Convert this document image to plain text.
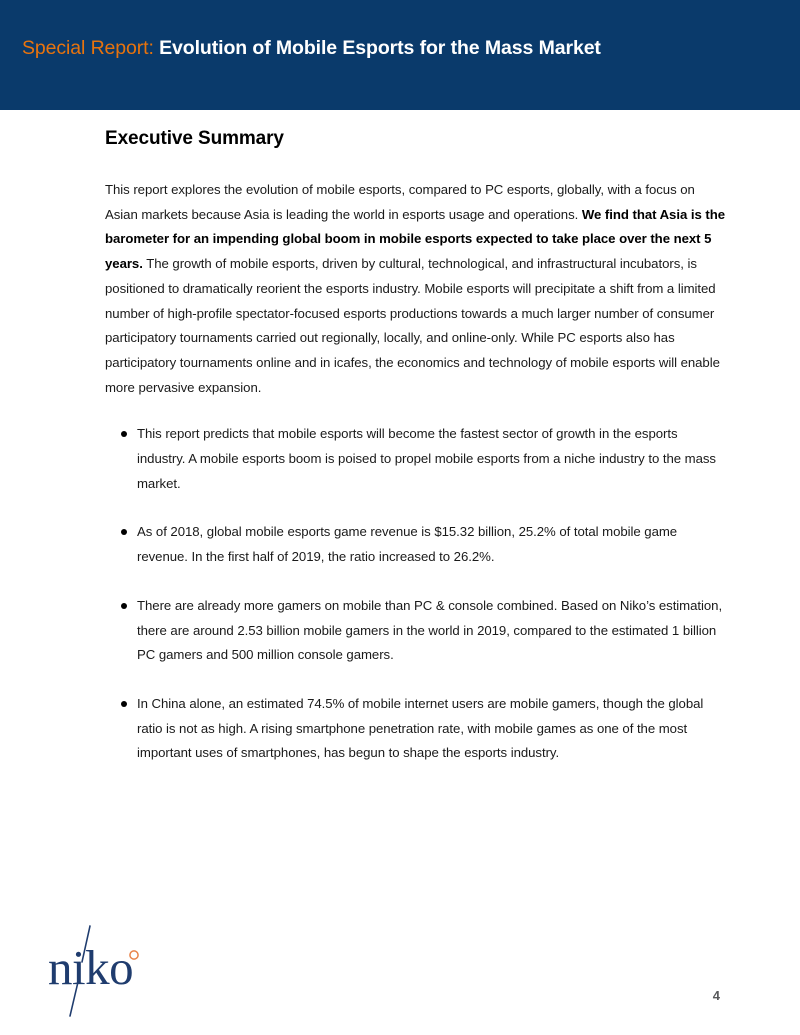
Special Report: Evolution of Mobile Esports for the Mass Market
Executive Summary

This report explores the evolution of mobile esports, compared to PC esports, globally, with a focus on Asian markets because Asia is leading the world in esports usage and operations. We find that Asia is the barometer for an impending global boom in mobile esports expected to take place over the next 5 years. The growth of mobile esports, driven by cultural, technological, and infrastructural incubators, is positioned to dramatically reorient the esports industry. Mobile esports will precipitate a shift from a limited number of high-profile spectator-focused esports productions towards a much larger number of consumer participatory tournaments carried out regionally, locally, and online-only. While PC esports also has participatory tournaments online and in icafes, the economics and technology of mobile esports will enable more pervasive expansion.

This report predicts that mobile esports will become the fastest sector of growth in the esports industry. A mobile esports boom is poised to propel mobile esports from a niche industry to the mass market.
As of 2018, global mobile esports game revenue is $15.32 billion, 25.2% of total mobile game revenue. In the first half of 2019, the ratio increased to 26.2%.
There are already more gamers on mobile than PC & console combined. Based on Niko’s estimation, there are around 2.53 billion mobile gamers in the world in 2019, compared to the estimated 1 billion PC gamers and 500 million console gamers.
In China alone, an estimated 74.5% of mobile internet users are mobile gamers, though the global ratio is not as high. A rising smartphone penetration rate, with mobile games as one of the most important uses of smartphones, has begun to shape the esports industry.
niko
4
